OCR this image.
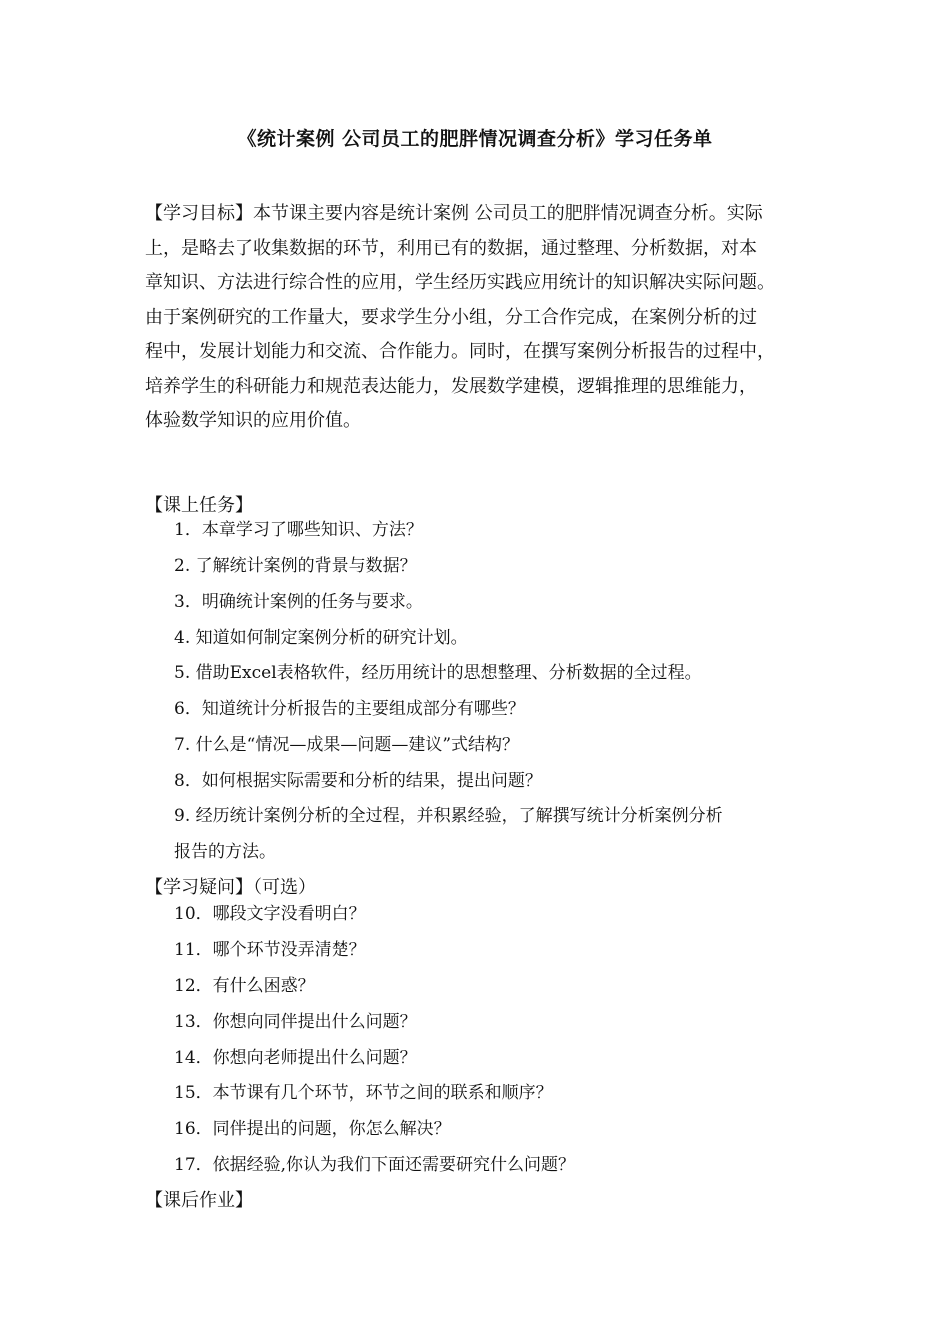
《统计案例 公司员工的肥胖情况调查分析》学习任务单
【学习目标】本节课主要内容是统计案例 公司员工的肥胖情况调查分析。实际
上，是略去了收集数据的环节，利用已有的数据，通过整理、分析数据，对本
章知识、方法进行综合性的应用，学生经历实践应用统计的知识解决实际问题。
由于案例研究的工作量大，要求学生分小组，分工合作完成，在案例分析的过
程中，发展计划能力和交流、合作能力。同时，在撰写案例分析报告的过程中，
培养学生的科研能力和规范表达能力，发展数学建模，逻辑推理的思维能力，
体验数学知识的应用价值。
【课上任务】
1．本章学习了哪些知识、方法？
2. 了解统计案例的背景与数据？
3．明确统计案例的任务与要求。
4. 知道如何制定案例分析的研究计划。
5. 借助Excel表格软件，经历用统计的思想整理、分析数据的全过程。
6．知道统计分析报告的主要组成部分有哪些？
7. 什么是“情况—成果—问题—建议”式结构？
8．如何根据实际需要和分析的结果，提出问题？
9. 经历统计案例分析的全过程，并积累经验，了解撰写统计分析案例分析
报告的方法。
【学习疑问】（可选）
10．哪段文字没看明白？
11．哪个环节没弄清楚？
12．有什么困惑？
13．你想向同伴提出什么问题？
14．你想向老师提出什么问题？
15．本节课有几个环节，环节之间的联系和顺序？
16．同伴提出的问题，你怎么解决？
17．依据经验,你认为我们下面还需要研究什么问题？
【课后作业】
